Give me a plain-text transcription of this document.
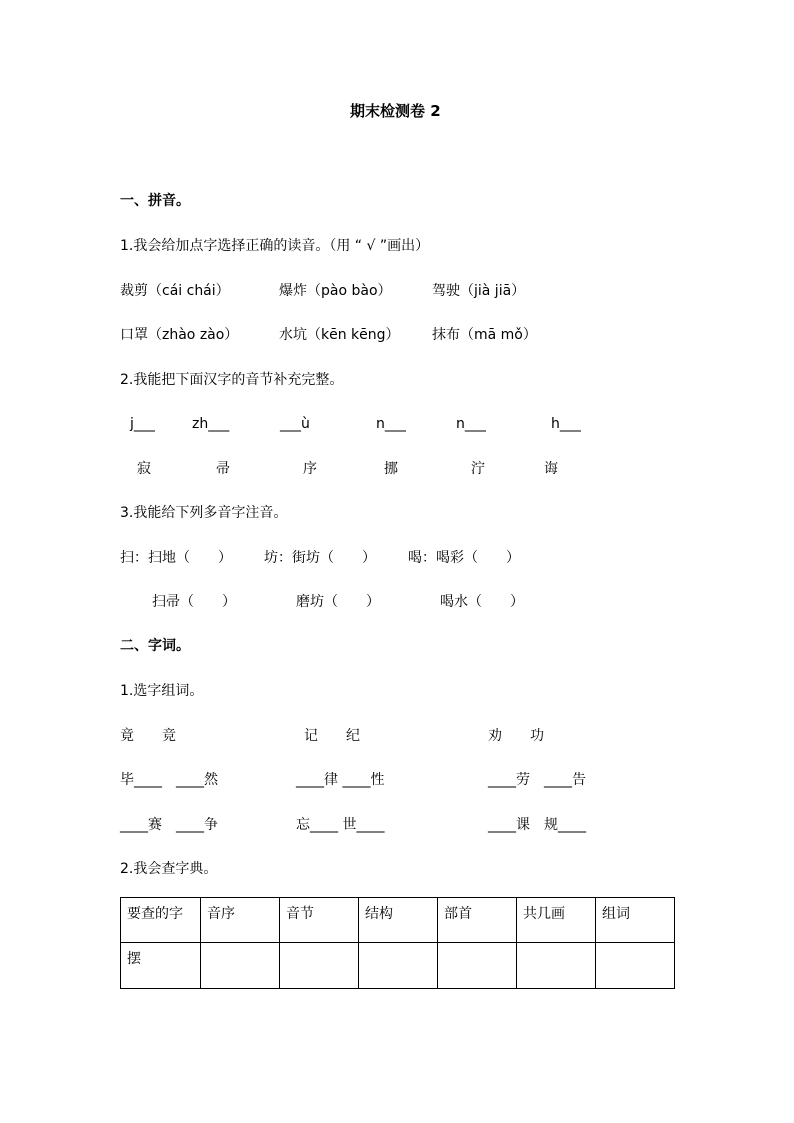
期末检测卷 2
一、拼音。
1.我会给加点字选择正确的读音。（用 “ √ ”画出）
裁剪（cái chái）	爆炸（pào bào）	驾驶（jià jiā）
口罩（zhào zào）	水坑（kēn kēng） 抹布（mā mǒ）
2.我能把下面汉字的音节补充完整。
j___	zh___	___ù	n___	n___	h___
寂	帚	序	挪	泞	诲
3.我能给下列多音字注音。
扫：扫地（　　） 坊：街坊（　　） 喝：喝彩（　　）
扫帚（　　）	磨坊（　　）	喝水（　　）
二、字词。
1.选字组词。
竟　　竞	记　　纪	劝　　功
毕____　____然	____律 ____性	____劳　____告
____赛　____争	忘____ 世____	____课　规____
2.我会查字典。
要查的字	音序	音节	结构	部首	共几画	组词
摆						
